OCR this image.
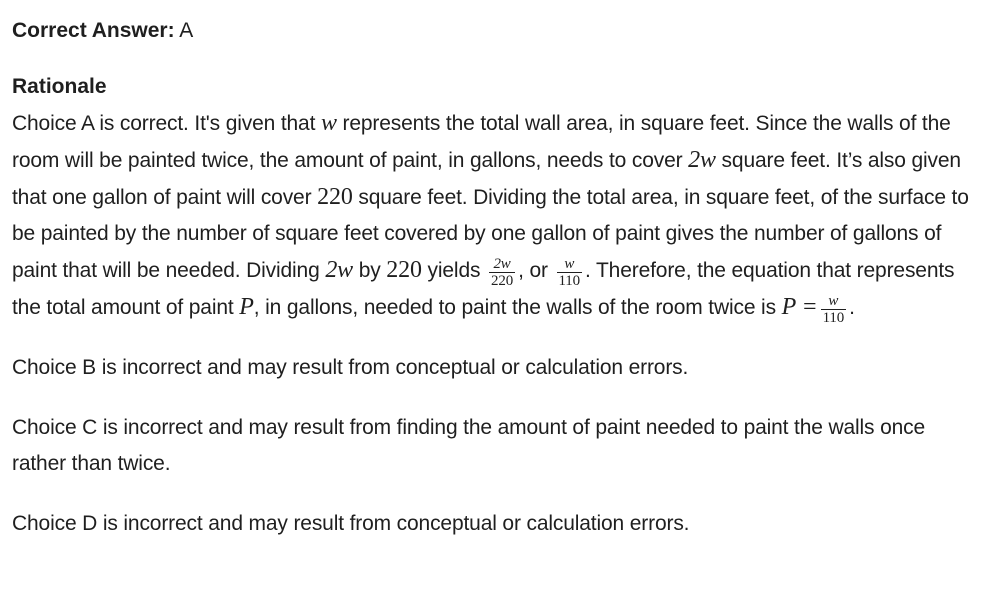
Correct Answer: A

Rationale

Choice A is correct. It's given that w represents the total wall area, in square feet. Since the walls of the room will be painted twice, the amount of paint, in gallons, needs to cover 2w square feet. It’s also given that one gallon of paint will cover 220 square feet. Dividing the total area, in square feet, of the surface to be painted by the number of square feet covered by one gallon of paint gives the number of gallons of paint that will be needed. Dividing 2w by 220 yields $\frac{2w}{220}$ , or $\frac{w}{110}$ . Therefore, the equation that represents the total amount of paint P, in gallons, needed to paint the walls of the room twice is $P = \frac{w}{110}$ .

Choice B is incorrect and may result from conceptual or calculation errors.

Choice C is incorrect and may result from finding the amount of paint needed to paint the walls once rather than twice.

Choice D is incorrect and may result from conceptual or calculation errors.
